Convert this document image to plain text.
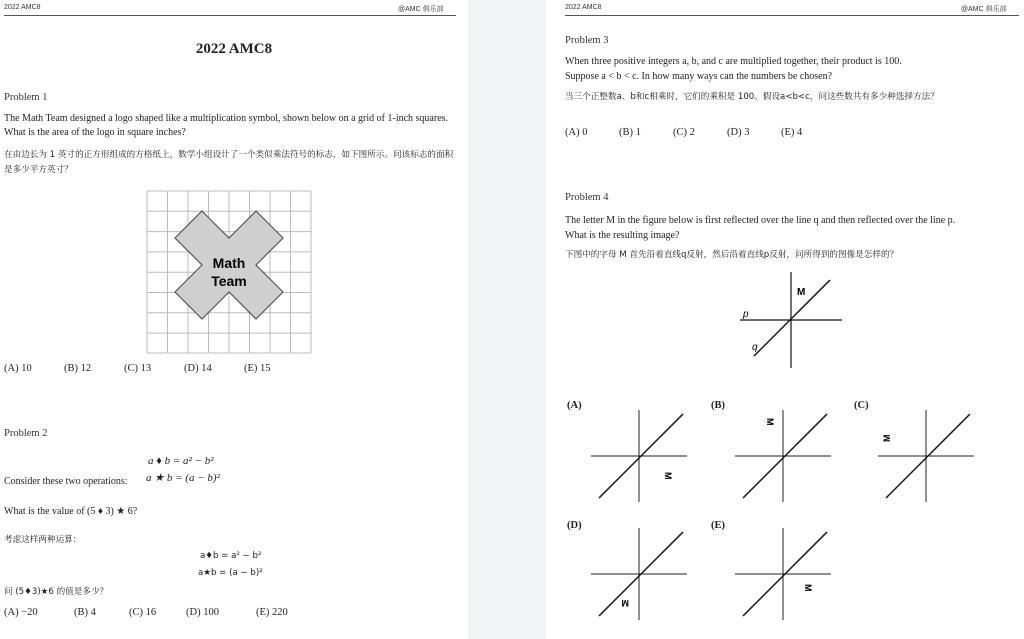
2022 AMC8	@AMC 俱乐部
2022 AMC8
Problem 1
The Math Team designed a logo shaped like a multiplication symbol, shown below on a grid of 1-inch squares. What is the area of the logo in square inches?
在由边长为 1 英寸的正方形组成的方格纸上，数学小组设计了一个类似乘法符号的标志，如下图所示。问该标志的面积是多少平方英寸？
Math
Team
(A) 10	(B) 12	(C) 13	(D) 14	(E) 15
Problem 2
a ♦ b = a² − b²
Consider these two operations: a ★ b = (a − b)²
What is the value of (5 ♦ 3) ★ 6?
考虑这样两种运算：
a♦b = a² − b²
a★b = (a − b)²
问 (5♦3)★6 的值是多少？
(A) −20	(B) 4	(C) 16	(D) 100	(E) 220
2022 AMC8	@AMC 俱乐部
Problem 3
When three positive integers a, b, and c are multiplied together, their product is 100.
Suppose a < b < c. In how many ways can the numbers be chosen?
当三个正整数a、b和c相乘时，它们的乘积是 100。假设a<b<c，问这些数共有多少种选择方法？
(A) 0	(B) 1	(C) 2	(D) 3	(E) 4
Problem 4
The letter M in the figure below is first reflected over the line q and then reflected over the line p.
What is the resulting image?
下图中的字母 M 首先沿着直线q反射，然后沿着直线p反射，问所得到的图像是怎样的？
M
p
q
(A)
M
(B)
M
(C)
M
(D)
M
(E)
M
